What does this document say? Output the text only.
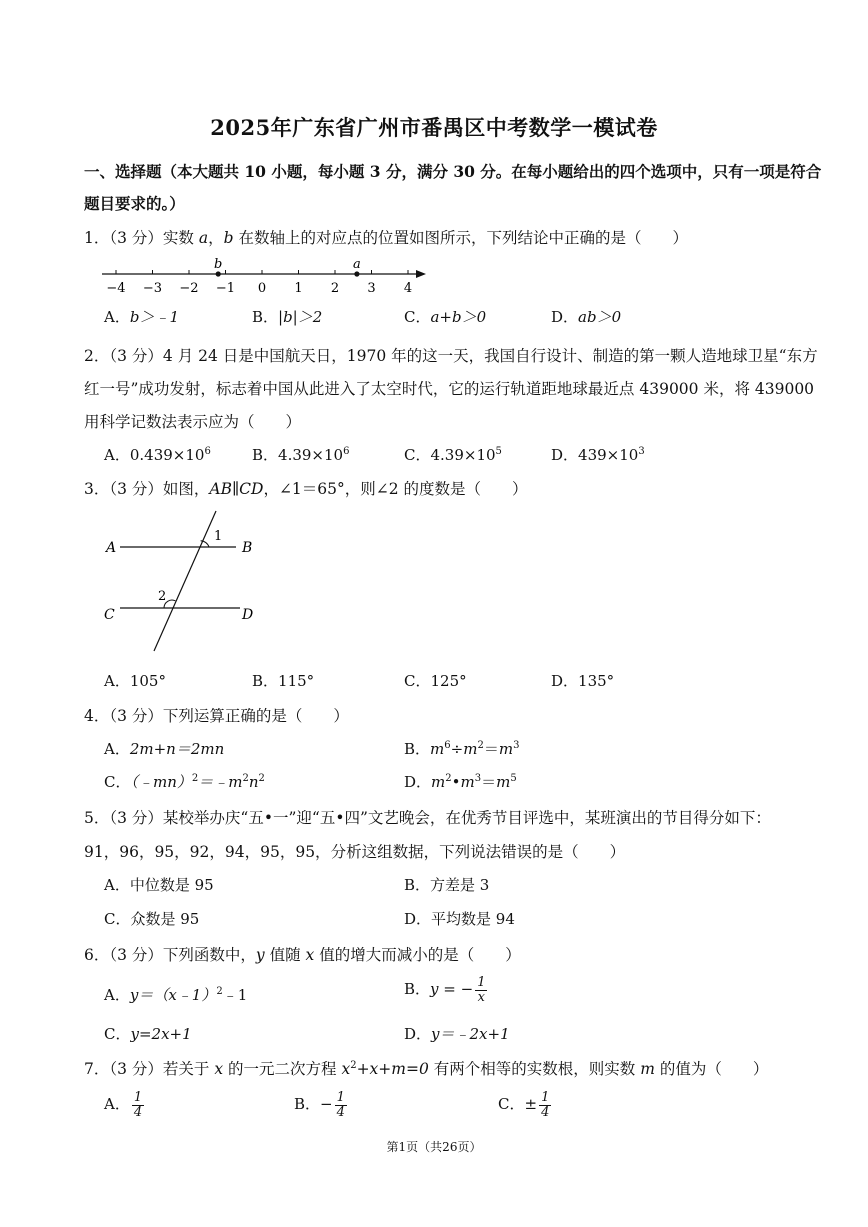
2025年广东省广州市番禺区中考数学一模试卷
一、选择题（本大题共 10 小题，每小题 3 分，满分 30 分。在每小题给出的四个选项中，只有一项是符合
题目要求的。）
1．（3 分）实数 a，b 在数轴上的对应点的位置如图所示，下列结论中正确的是（　　）
−4 −3 −2 −1 0 1 2 3 4
b	a
A．b＞﹣1	B．|b|＞2	C．a+b＞0	D．ab＞0
2．（3 分）4 月 24 日是中国航天日，1970 年的这一天，我国自行设计、制造的第一颗人造地球卫星“东方
红一号”成功发射，标志着中国从此进入了太空时代，它的运行轨道距地球最近点 439000 米，将 439000
用科学记数法表示应为（　　）
A．$0.439\times 10^6$	B．$4.39\times 10^6$	C．$4.39\times 10^5$	D．$439\times 10^3$
3．（3 分）如图，AB∥CD，∠1＝65°，则∠2 的度数是（　　）
A	B
C	D
1
2
A．105°	B．115°	C．125°	D．135°
4．（3 分）下列运算正确的是（　　）
A．2m+n＝2mn	B．$m^6\div m^2=m^3$
C．$(﹣mn)^2=﹣m^2n^2$	D．$m^2•m^3=m^5$
5．（3 分）某校举办庆“五•一”迎“五•四”文艺晚会，在优秀节目评选中，某班演出的节目得分如下：
91，96，95，92，94，95，95，分析这组数据，下列说法错误的是（　　）
A．中位数是 95	B．方差是 3
C．众数是 95	D．平均数是 94
6．（3 分）下列函数中，y 值随 x 值的增大而减小的是（　　）
A．y＝（x﹣1）$^2$﹣1	B．y = − $\frac{1}{x}$
C．y=2x+1	D．y＝﹣2x+1
7．（3 分）若关于 x 的一元二次方程 $x^2+x+m=0$ 有两个相等的实数根，则实数 m 的值为（　　）
A． $\frac{1}{4}$	B．− $\frac{1}{4}$	C．± $\frac{1}{4}$
第1页（共26页）
